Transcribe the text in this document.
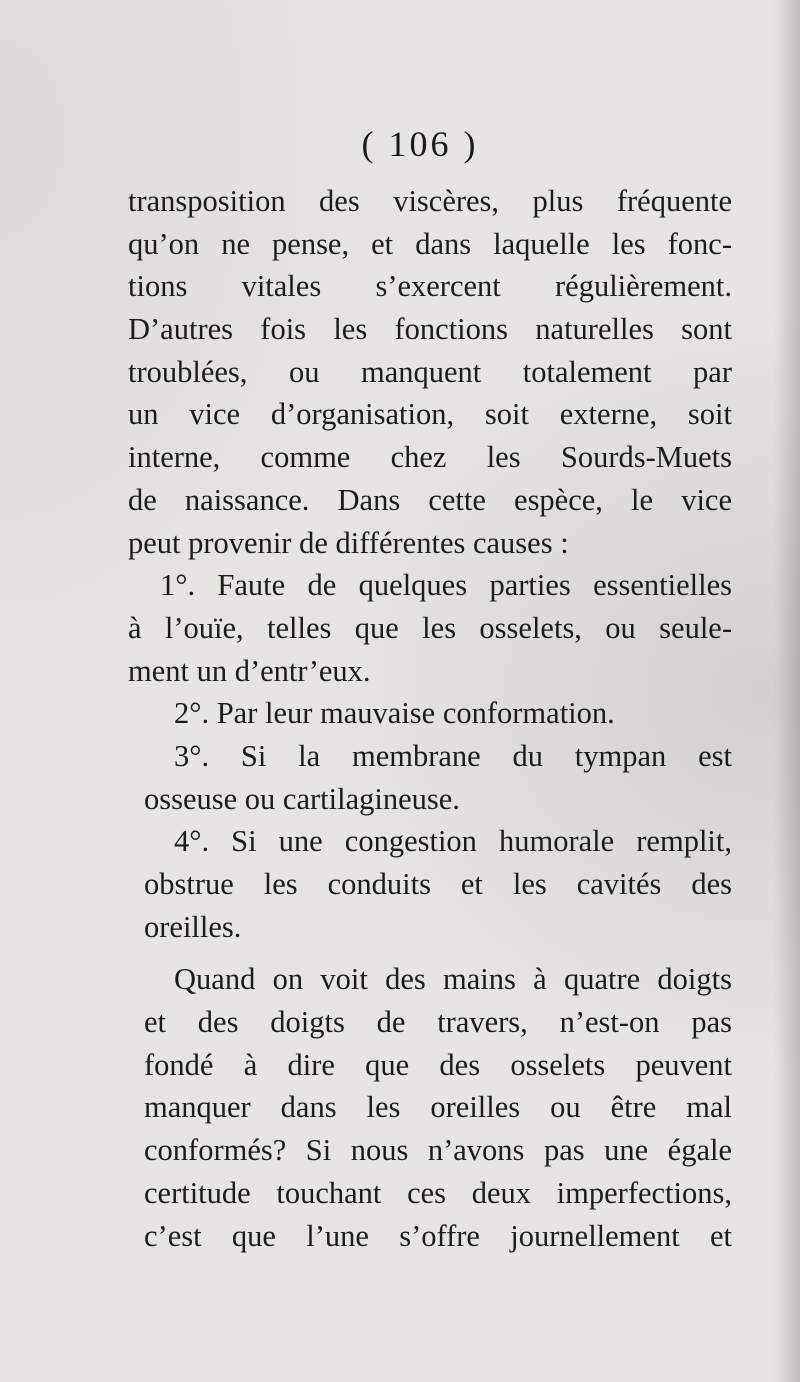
( 106 )
transposition des viscères, plus fréquente
qu’on ne pense, et dans laquelle les fonc-
tions vitales s’exercent régulièrement.
D’autres fois les fonctions naturelles sont
troublées, ou manquent totalement par
un vice d’organisation, soit externe, soit
interne, comme chez les Sourds-Muets
de naissance. Dans cette espèce, le vice
peut provenir de différentes causes :
1°. Faute de quelques parties essentielles
à l’ouïe, telles que les osselets, ou seule-
ment un d’entr’eux.
2°. Par leur mauvaise conformation.
3°. Si la membrane du tympan est
osseuse ou cartilagineuse.
4°. Si une congestion humorale remplit,
obstrue les conduits et les cavités des
oreilles.
Quand on voit des mains à quatre doigts
et des doigts de travers, n’est-on pas
fondé à dire que des osselets peuvent
manquer dans les oreilles ou être mal
conformés? Si nous n’avons pas une égale
certitude touchant ces deux imperfections,
c’est que l’une s’offre journellement et
